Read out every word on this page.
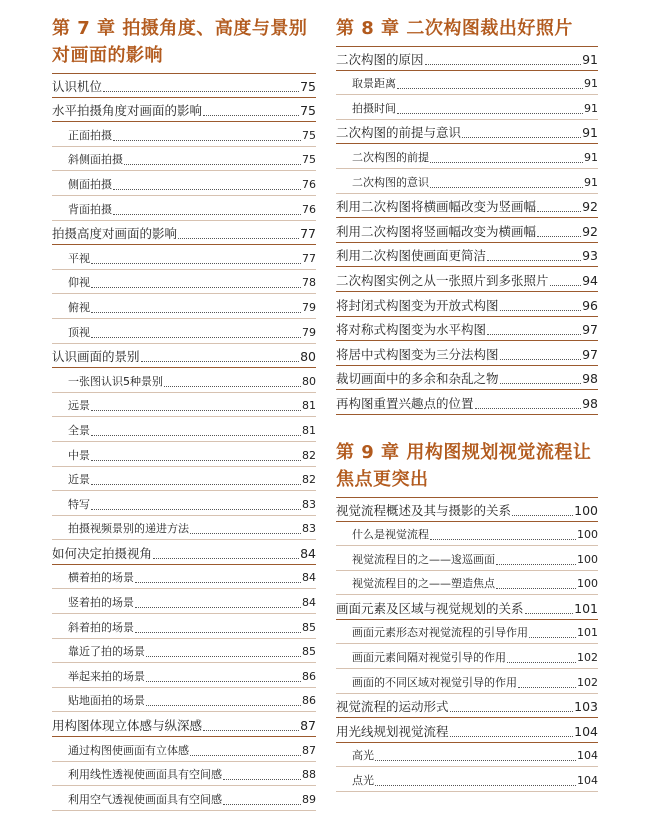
第 7 章 拍摄角度、高度与景别
对画面的影响
认识机位	75
水平拍摄角度对画面的影响	75
正面拍摄	75
斜侧面拍摄	75
侧面拍摄	76
背面拍摄	76
拍摄高度对画面的影响	77
平视	77
仰视	78
俯视	79
顶视	79
认识画面的景别	80
一张图认识5种景别	80
远景	81
全景	81
中景	82
近景	82
特写	83
拍摄视频景别的递进方法	83
如何决定拍摄视角	84
横着拍的场景	84
竖着拍的场景	84
斜着拍的场景	85
靠近了拍的场景	85
举起来拍的场景	86
贴地面拍的场景	86
用构图体现立体感与纵深感	87
通过构图使画面有立体感	87
利用线性透视使画面具有空间感	88
利用空气透视使画面具有空间感	89
第 8 章 二次构图裁出好照片
二次构图的原因	91
取景距离	91
拍摄时间	91
二次构图的前提与意识	91
二次构图的前提	91
二次构图的意识	91
利用二次构图将横画幅改变为竖画幅	92
利用二次构图将竖画幅改变为横画幅	92
利用二次构图使画面更简洁	93
二次构图实例之从一张照片到多张照片	94
将封闭式构图变为开放式构图	96
将对称式构图变为水平构图	97
将居中式构图变为三分法构图	97
裁切画面中的多余和杂乱之物	98
再构图重置兴趣点的位置	98
第 9 章 用构图规划视觉流程让
焦点更突出
视觉流程概述及其与摄影的关系	100
什么是视觉流程	100
视觉流程目的之——逡巡画面	100
视觉流程目的之——塑造焦点	100
画面元素及区域与视觉规划的关系	101
画面元素形态对视觉流程的引导作用	101
画面元素间隔对视觉引导的作用	102
画面的不同区域对视觉引导的作用	102
视觉流程的运动形式	103
用光线规划视觉流程	104
高光	104
点光	104
